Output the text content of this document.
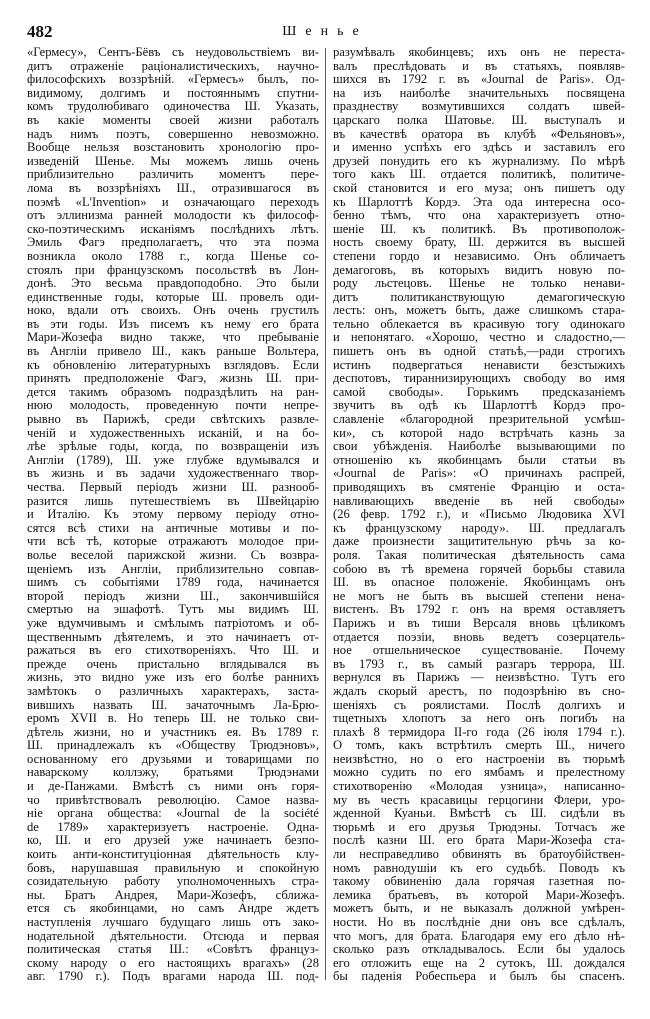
482	Шенье
«Гермесу», Сентъ-Бёвъ съ неудовольствіемъ ви-
дитъ отраженіе раціоналистическихъ, научно-
философскихъ воззрѣній. «Гермесъ» былъ, по-
видимому, долгимъ и постояннымъ спутни-
комъ трудолюбиваго одиночества Ш. Указать,
въ какіе моменты своей жизни работалъ
надъ нимъ поэтъ, совершенно невозможно.
Вообще нельзя возстановить хронологію про-
изведеній Шенье. Мы можемъ лишь очень
приблизительно различить моментъ пере-
лома въ воззрѣніяхъ Ш., отразившагося въ
поэмѣ «L'Invention» и означающаго переходъ
отъ эллинизма ранней молодости къ философ-
ско-поэтическимъ исканіямъ послѣднихъ лѣтъ.
Эмиль Фагэ предполагаетъ, что эта поэма
возникла около 1788 г., когда Шенье со-
стоялъ при французскомъ посольствѣ въ Лон-
донѣ. Это весьма правдоподобно. Это были
единственные годы, которые Ш. провелъ оди-
ноко, вдали отъ своихъ. Онъ очень грустилъ
въ эти годы. Изъ писемъ къ нему его брата
Мари-Жозефа видно также, что пребываніе
въ Англіи привело Ш., какъ раньше Вольтера,
къ обновленію литературныхъ взглядовъ. Если
принять предположеніе Фагэ, жизнь Ш. при-
дется такимъ образомъ подраздѣлить на ран-
нюю молодость, проведенную почти непре-
рывно въ Парижѣ, среди свѣтскихъ развле-
ченій и художественныхъ исканій, и на бо-
лѣе зрѣлые годы, когда, по возвращеніи изъ
Англіи (1789), Ш. уже глубже вдумывался и
въ жизнь и въ задачи художественнаго твор-
чества. Первый періодъ жизни Ш. разнооб-
разится лишь путешествіемъ въ Швейцарію
и Италію. Къ этому первому періоду отно-
сятся всѣ стихи на античные мотивы и по-
чти всѣ тѣ, которые отражаютъ молодое при-
волье веселой парижской жизни. Съ возвра-
щеніемъ изъ Англіи, приблизительно совпав-
шимъ съ событіями 1789 года, начинается
второй періодъ жизни Ш., закончившійся
смертью на эшафотѣ. Тутъ мы видимъ Ш.
уже вдумчивымъ и смѣлымъ патріотомъ и об-
щественнымъ дѣятелемъ, и это начинаетъ от-
ражаться въ его стихотвореніяхъ. Что Ш. и
прежде очень пристально вглядывался въ
жизнь, это видно уже изъ его болѣе раннихъ
замѣтокъ о различныхъ характерахъ, заста-
вившихъ назвать Ш. зачаточнымъ Ла-Брю-
еромъ XVII в. Но теперь Ш. не только сви-
дѣтель жизни, но и участникъ ея. Въ 1789 г.
Ш. принадлежалъ къ «Обществу Трюдэновъ»,
основанному его друзьями и товарищами по
наварскому коллэжу, братьями Трюдэнами
и де-Панжами. Вмѣстѣ съ ними онъ горя-
чо привѣтствовалъ революцію. Самое назва-
ніе органа общества: «Journal de la société
de 1789» характеризуетъ настроеніе. Одна-
ко, Ш. и его друзей уже начинаетъ безпо-
коить анти-конституціонная дѣятельность клу-
бовъ, нарушавшая правильную и спокойную
созидательную работу уполномоченныхъ стра-
ны. Братъ Андрея, Мари-Жозефъ, сближа-
ется съ якобинцами, но самъ Андре ждетъ
наступленія лучшаго будущаго лишь отъ зако-
нодательной дѣятельности. Отсюда и первая
политическая статья Ш.: «Совѣтъ француз-
скому народу о его настоящихъ врагахъ» (28
авг. 1790 г.). Подъ врагами народа Ш. под-
разумѣвалъ якобинцевъ; ихъ онъ не переста-
валъ преслѣдовать и въ статьяхъ, появляв-
шихся въ 1792 г. въ «Journal de Paris». Од-
на изъ наиболѣе значительныхъ посвящена
празднеству возмутившихся солдатъ швей-
царскаго полка Шатовье. Ш. выступалъ и
въ качествѣ оратора въ клубѣ «Фельяновъ»,
и именно успѣхъ его здѣсь и заставилъ его
друзей понудить его къ журнализму. По мѣрѣ
того какъ Ш. отдается политикѣ, политиче-
ской становится и его муза; онъ пишетъ оду
къ Шарлоттѣ Кордэ. Эта ода интересна осо-
бенно тѣмъ, что она характеризуетъ отно-
шеніе Ш. къ политикѣ. Въ противополож-
ность своему брату, Ш. держится въ высшей
степени гордо и независимо. Онъ обличаетъ
демагоговъ, въ которыхъ видитъ новую по-
роду льстецовъ. Шенье не только ненави-
дитъ политиканствующую демагогическую
лесть: онъ, можетъ быть, даже слишкомъ стара-
тельно облекается въ красивую тогу одинокаго
и непонятаго. «Хорошо, честно и сладостно,—
пишетъ онъ въ одной статьѣ,—ради строгихъ
истинъ подвергаться ненависти безстыжихъ
деспотовъ, тираннизирующихъ свободу во имя
самой свободы». Горькимъ предсказаніемъ
звучитъ въ одѣ къ Шарлоттѣ Кордэ про-
славленіе «благородной презрительной усмѣш-
ки», съ которой надо встрѣчать казнь за
свои убѣжденія. Наиболѣе вызывающими по
отношенію къ якобинцамъ были статьи въ
«Journal de Paris»: «О причинахъ распрей,
приводящихъ въ смятеніе Францію и оста-
навливающихъ введеніе въ ней свободы»
(26 февр. 1792 г.), и «Письмо Людовика XVI
къ французскому народу». Ш. предлагалъ
даже произнести защитительную рѣчь за ко-
роля. Такая политическая дѣятельность сама
собою въ тѣ времена горячей борьбы ставила
Ш. въ опасное положеніе. Якобинцамъ онъ
не могъ не быть въ высшей степени нена-
вистенъ. Въ 1792 г. онъ на время оставляетъ
Парижъ и въ тиши Версаля вновь цѣликомъ
отдается поэзіи, вновь ведетъ созерцатель-
ное отшельническое существованіе. Почему
въ 1793 г., въ самый разгаръ террора, Ш.
вернулся въ Парижъ — неизвѣстно. Тутъ его
ждалъ скорый арестъ, по подозрѣнію въ сно-
шеніяхъ съ роялистами. Послѣ долгихъ и
тщетныхъ хлопотъ за него онъ погибъ на
плахѣ 8 термидора II-го года (26 іюля 1794 г.).
О томъ, какъ встрѣтилъ смерть Ш., ничего
неизвѣстно, но о его настроеніи въ тюрьмѣ
можно судить по его ямбамъ и прелестному
стихотворенію «Молодая узница», написанно-
му въ честь красавицы герцогини Флери, уро-
жденной Куаньи. Вмѣстѣ съ Ш. сидѣли въ
тюрьмѣ и его друзья Трюдэны. Тотчасъ же
послѣ казни Ш. его брата Мари-Жозефа ста-
ли несправедливо обвинять въ братоубійствен-
номъ равнодушіи къ его судьбѣ. Поводъ къ
такому обвиненію дала горячая газетная по-
лемика братьевъ, въ которой Мари-Жозефъ.
можетъ быть, и не выказалъ должной умѣрен-
ности. Но въ послѣдніе дни онъ все сдѣлалъ,
что могъ, для брата. Благодаря ему его дѣло нѣ-
сколько разъ откладывалось. Если бы удалось
его отложить еще на 2 сутокъ, Ш. дождался
бы паденія Робеспьера и былъ бы спасенъ.
